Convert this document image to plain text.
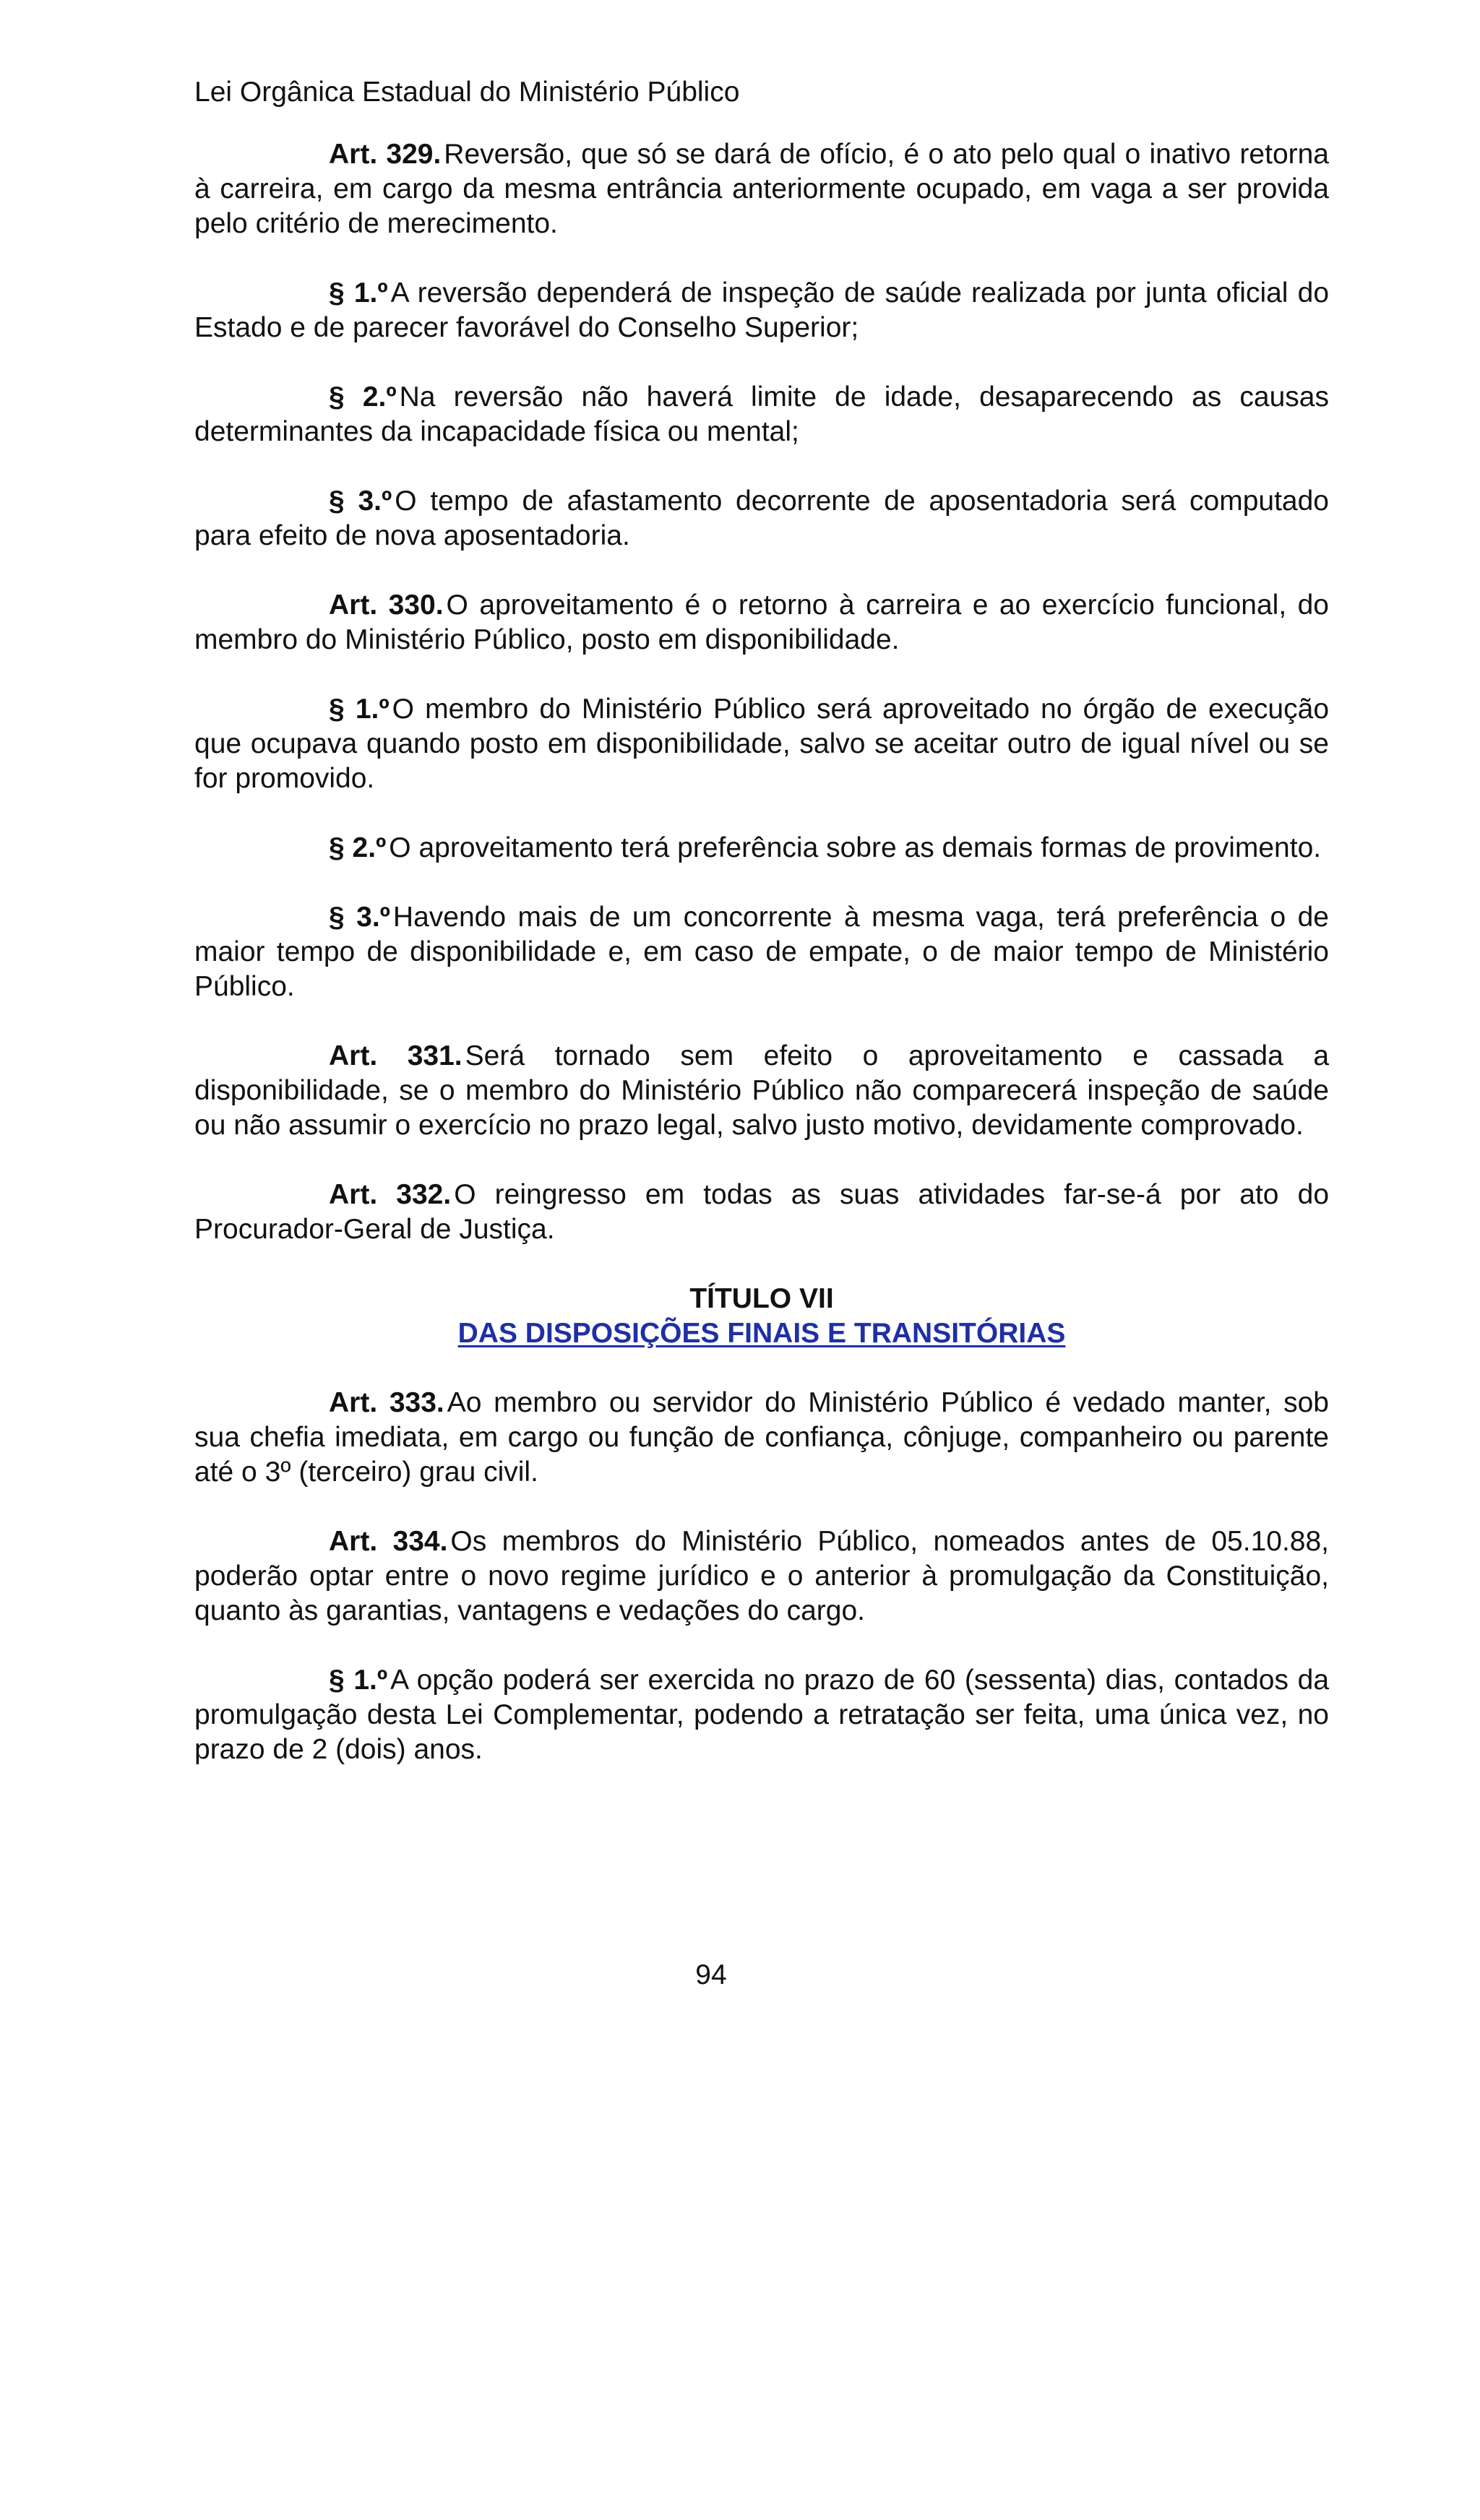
Lei Orgânica Estadual do Ministério Público

Art. 329. Reversão, que só se dará de ofício, é o ato pelo qual o inativo retorna à carreira, em cargo da mesma entrância anteriormente ocupado, em vaga a ser provida pelo critério de merecimento.

§ 1.º A reversão dependerá de inspeção de saúde realizada por junta oficial do Estado e de parecer favorável do Conselho Superior;

§ 2.º Na reversão não haverá limite de idade, desaparecendo as causas determinantes da incapacidade física ou mental;

§ 3.º O tempo de afastamento decorrente de aposentadoria será computado para efeito de nova aposentadoria.

Art. 330. O aproveitamento é o retorno à carreira e ao exercício funcional, do membro do Ministério Público, posto em disponibilidade.

§ 1.º O membro do Ministério Público será aproveitado no órgão de execução que ocupava quando posto em disponibilidade, salvo se aceitar outro de igual nível ou se for promovido.

§ 2.º O aproveitamento terá preferência sobre as demais formas de provimento.

§ 3.º Havendo mais de um concorrente à mesma vaga, terá preferência o de maior tempo de disponibilidade e, em caso de empate, o de maior tempo de Ministério Público.

Art. 331. Será tornado sem efeito o aproveitamento e cassada a disponibilidade, se o membro do Ministério Público não comparecerá inspeção de saúde ou não assumir o exercício no prazo legal, salvo justo motivo, devidamente comprovado.

Art. 332. O reingresso em todas as suas atividades far-se-á por ato do Procurador-Geral de Justiça.

TÍTULO VII
DAS DISPOSIÇÕES FINAIS E TRANSITÓRIAS

Art. 333. Ao membro ou servidor do Ministério Público é vedado manter, sob sua chefia imediata, em cargo ou função de confiança, cônjuge, companheiro ou parente até o 3º (terceiro) grau civil.

Art. 334. Os membros do Ministério Público, nomeados antes de 05.10.88, poderão optar entre o novo regime jurídico e o anterior à promulgação da Constituição, quanto às garantias, vantagens e vedações do cargo.

§ 1.º A opção poderá ser exercida no prazo de 60 (sessenta) dias, contados da promulgação desta Lei Complementar, podendo a retratação ser feita, uma única vez, no prazo de 2 (dois) anos.

94
